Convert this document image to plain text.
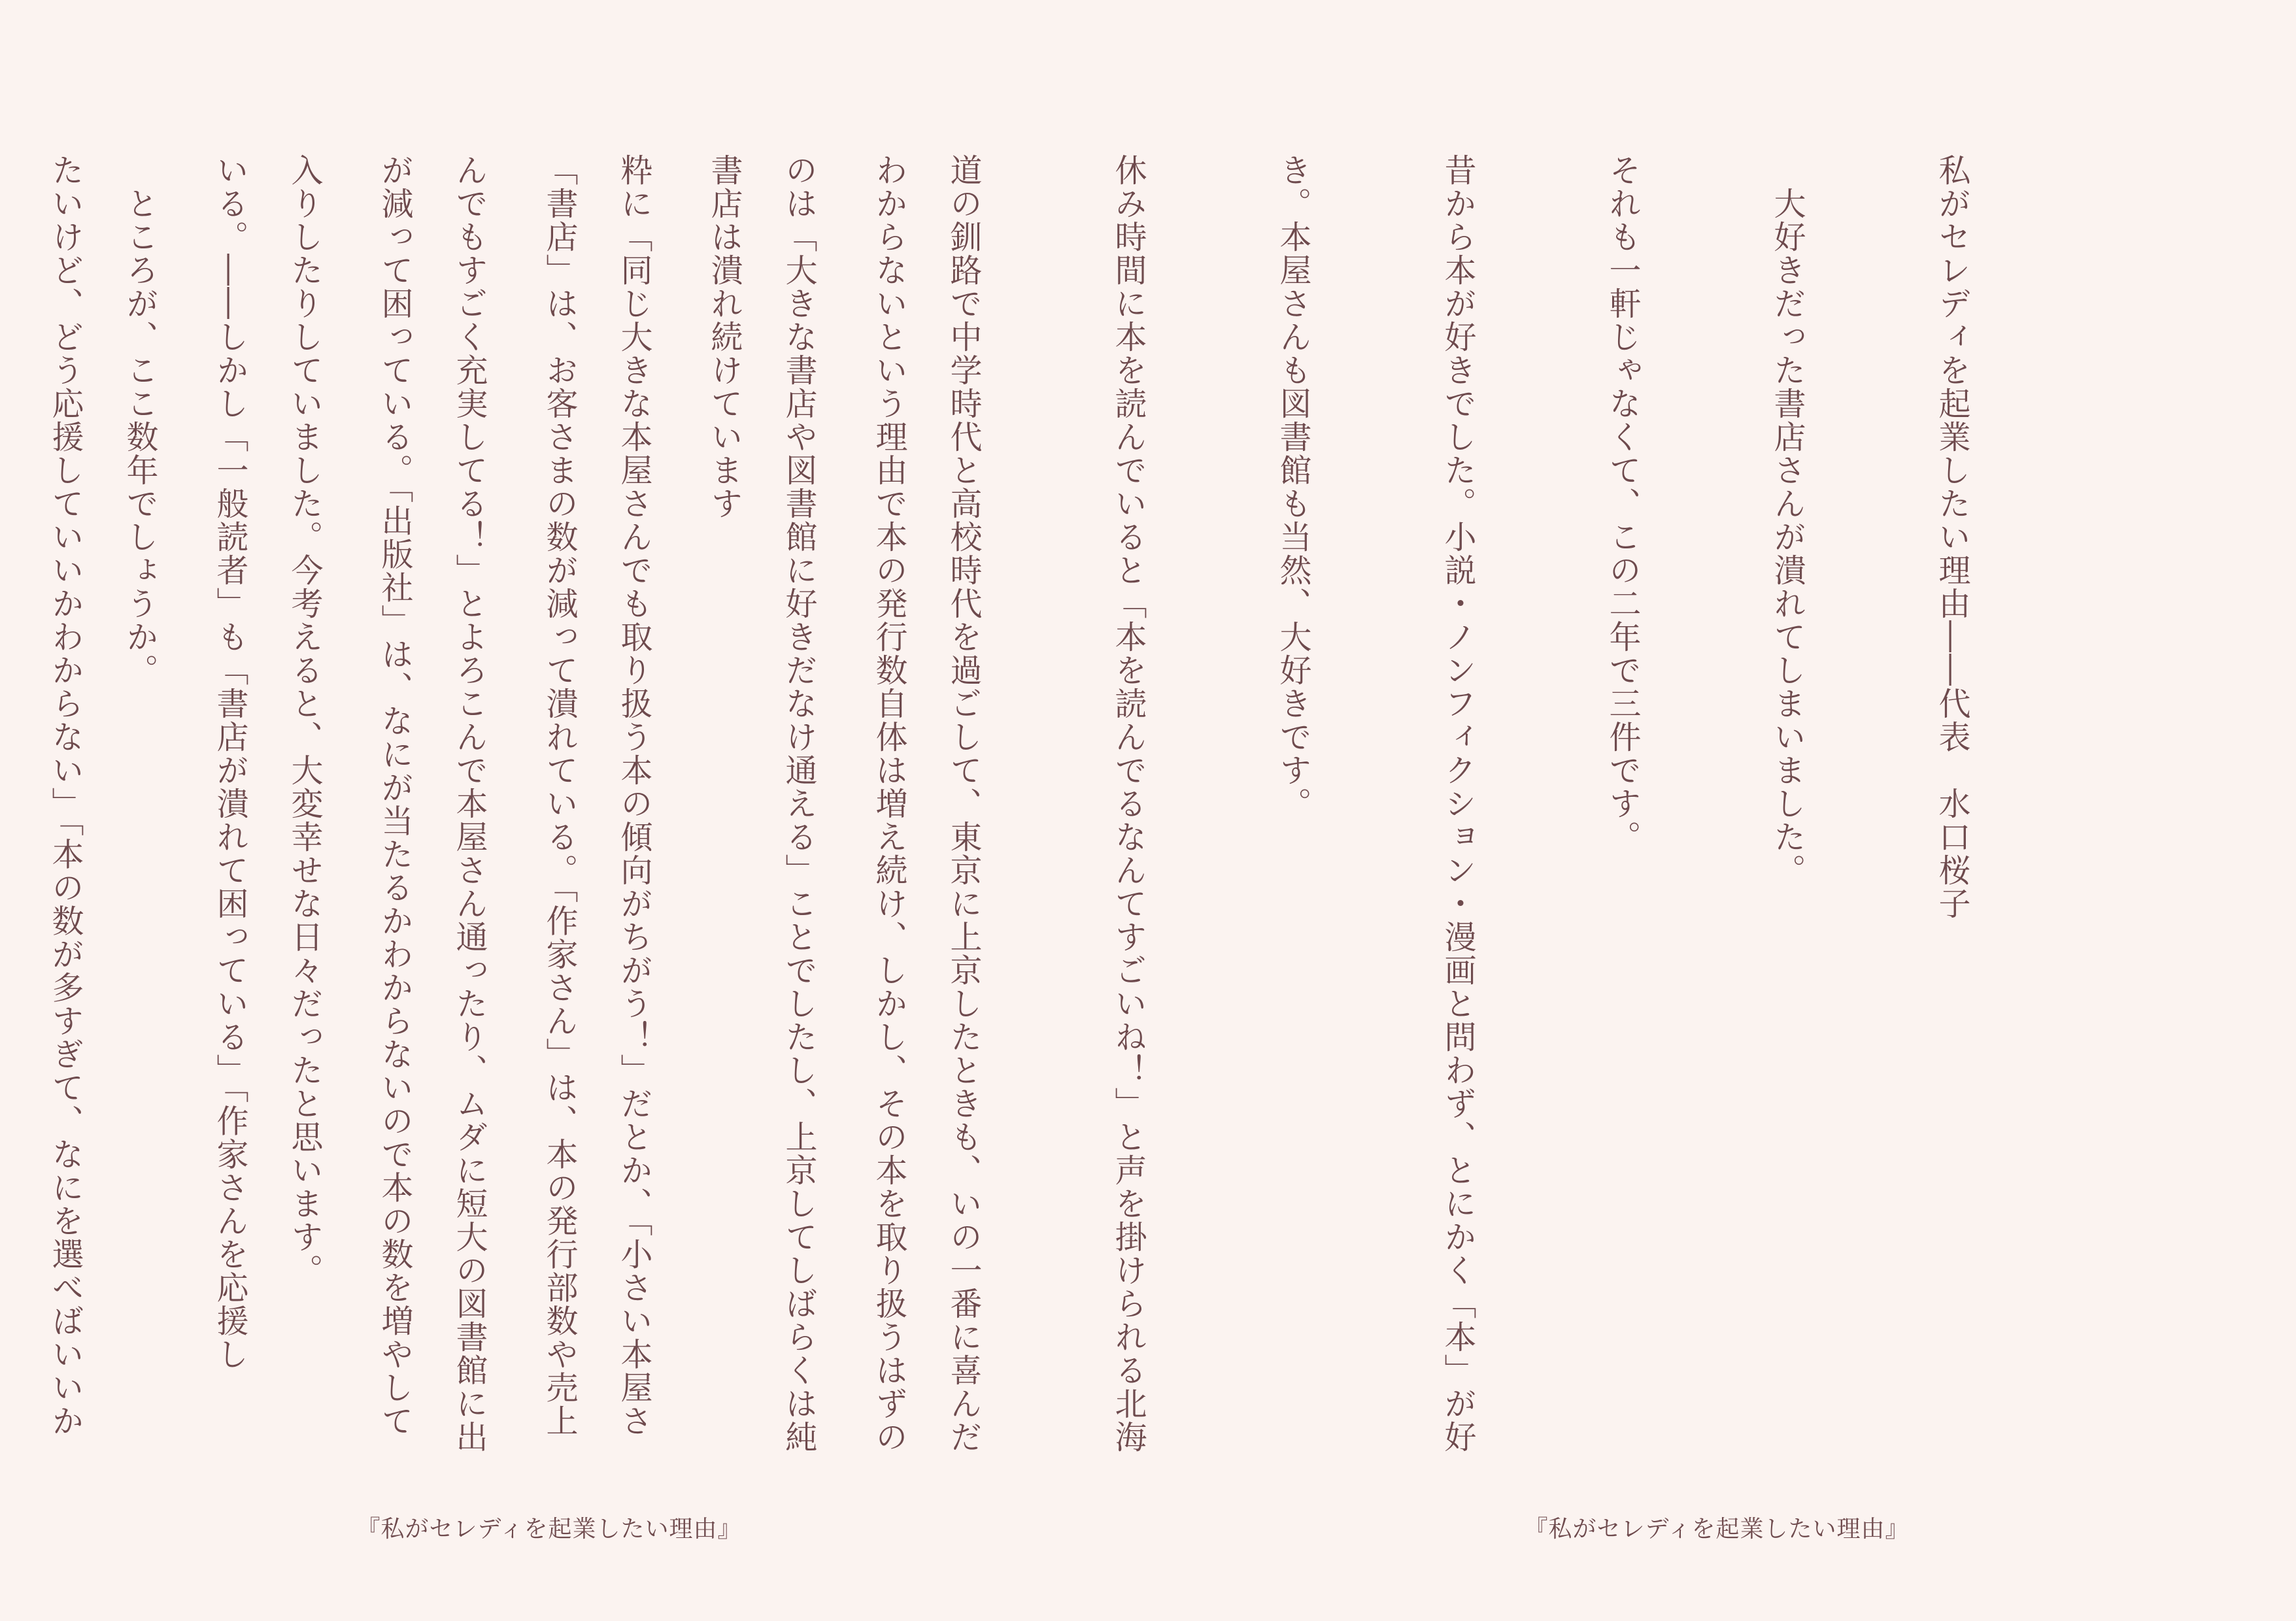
わからないという理由で本の発行数自体は増え続け、しかし、その本を取り扱うはずの

書店は潰れ続けています

「書店」は、お客さまの数が減って潰れている。「作家さん」は、本の発行部数や売上

が減って困っている。「出版社」は、なにが当たるかわからないので本の数を増やして

いる。――しかし「一般読者」も「書店が潰れて困っている」「作家さんを応援し

たいけど、どう応援していいかわからない」「本の数が多すぎて、なにを選べばいいか

『私がセレディを起業したい理由』

私がセレディを起業したい理由――代表　水口桜子

　大好きだった書店さんが潰れてしまいました。

それも一軒じゃなくて、この二年で三件です。

昔から本が好きでした。小説・ノンフィクション・漫画と問わず、とにかく「本」が好

き。本屋さんも図書館も当然、大好きです。

休み時間に本を読んでいると「本を読んでるなんてすごいね！」と声を掛けられる北海

道の釧路で中学時代と高校時代を過ごして、東京に上京したときも、いの一番に喜んだ

のは「大きな書店や図書館に好きだなけ通える」ことでしたし、上京してしばらくは純

粋に「同じ大きな本屋さんでも取り扱う本の傾向がちがう！」だとか、「小さい本屋さ

んでもすごく充実してる！」とよろこんで本屋さん通ったり、ムダに短大の図書館に出

入りしたりしていました。今考えると、大変幸せな日々だったと思います。

　ところが、ここ数年でしょうか。

『私がセレディを起業したい理由』
